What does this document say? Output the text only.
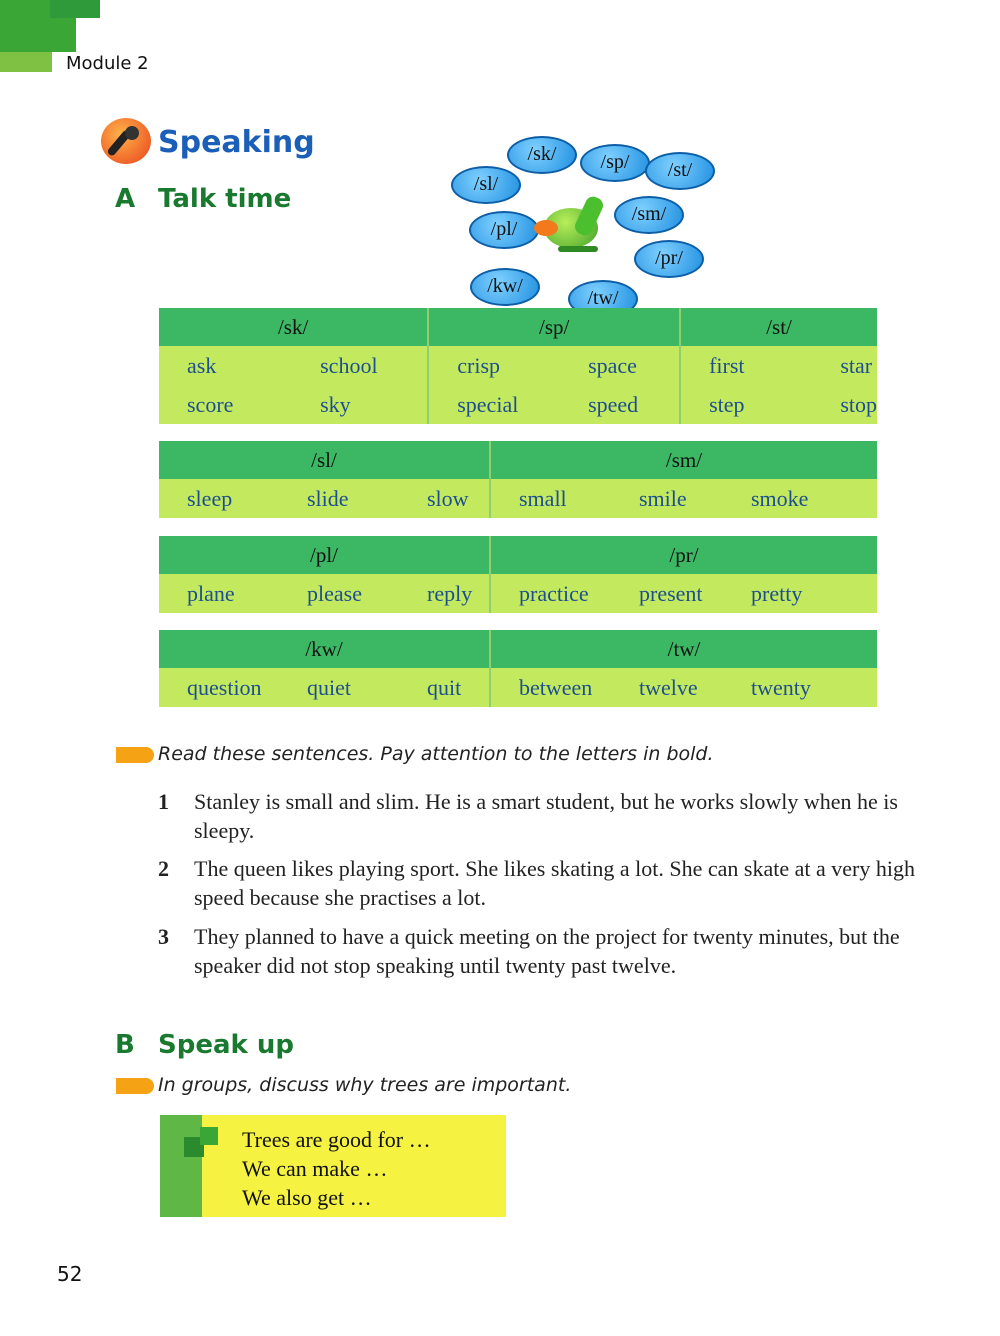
Module 2
Speaking
A Talk time
/sk/	/sp/	/st/
/sl/
/sm/
/pl/
/pr/
/kw/
/tw/
/sk/		/sp/		/st/	
ask	school	crisp	space	first	star
score	sky	special	speed	step	stop
/sl/			/sm/		
sleep	slide	slow	small	smile	smoke
/pl/			/pr/		
plane	please	reply	practice	present	pretty
/kw/			/tw/		
question	quiet	quit	between	twelve	twenty
Read these sentences. Pay attention to the letters in bold.
1 Stanley is small and slim. He is a smart student, but he works slowly when he is sleepy.
2 The queen likes playing sport. She likes skating a lot. She can skate at a very high speed because she practises a lot.
3 They planned to have a quick meeting on the project for twenty minutes, but the speaker did not stop speaking until twenty past twelve.
B Speak up
In groups, discuss why trees are important.
Trees are good for …
We can make …
We also get …
52
